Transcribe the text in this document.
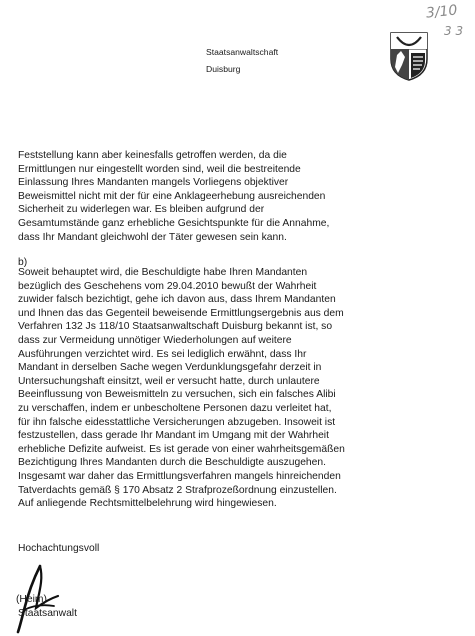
3/10
3 3
Staatsanwaltschaft
Duisburg
Feststellung kann aber keinesfalls getroffen werden, da die
Ermittlungen nur eingestellt worden sind, weil die bestreitende
Einlassung Ihres Mandanten mangels Vorliegens objektiver
Beweismittel nicht mit der für eine Anklageerhebung ausreichenden
Sicherheit zu widerlegen war. Es bleiben aufgrund der
Gesamtumstände ganz erhebliche Gesichtspunkte für die Annahme,
dass Ihr Mandant gleichwohl der Täter gewesen sein kann.
b)
Soweit behauptet wird, die Beschuldigte habe Ihren Mandanten
bezüglich des Geschehens vom 29.04.2010 bewußt der Wahrheit
zuwider falsch bezichtigt, gehe ich davon aus, dass Ihrem Mandanten
und Ihnen das das Gegenteil beweisende Ermittlungsergebnis aus dem
Verfahren 132 Js 118/10 Staatsanwaltschaft Duisburg bekannt ist, so
dass zur Vermeidung unnötiger Wiederholungen auf weitere
Ausführungen verzichtet wird. Es sei lediglich erwähnt, dass Ihr
Mandant in derselben Sache wegen Verdunklungsgefahr derzeit in
Untersuchungshaft einsitzt, weil er versucht hatte, durch unlautere
Beeinflussung von Beweismitteln zu versuchen, sich ein falsches Alibi
zu verschaffen, indem er unbescholtene Personen dazu verleitet hat,
für ihn falsche eidesstattliche Versicherungen abzugeben. Insoweit ist
festzustellen, dass gerade Ihr Mandant im Umgang mit der Wahrheit
erhebliche Defizite aufweist. Es ist gerade von einer wahrheitsgemäßen
Bezichtigung Ihres Mandanten durch die Beschuldigte auszugehen.
Insgesamt war daher das Ermittlungsverfahren mangels hinreichenden
Tatverdachts gemäß § 170 Absatz 2 Strafprozeßordnung einzustellen.
Auf anliegende Rechtsmittelbelehrung wird hingewiesen.
Hochachtungsvoll
(Heim)
Staatsanwalt
